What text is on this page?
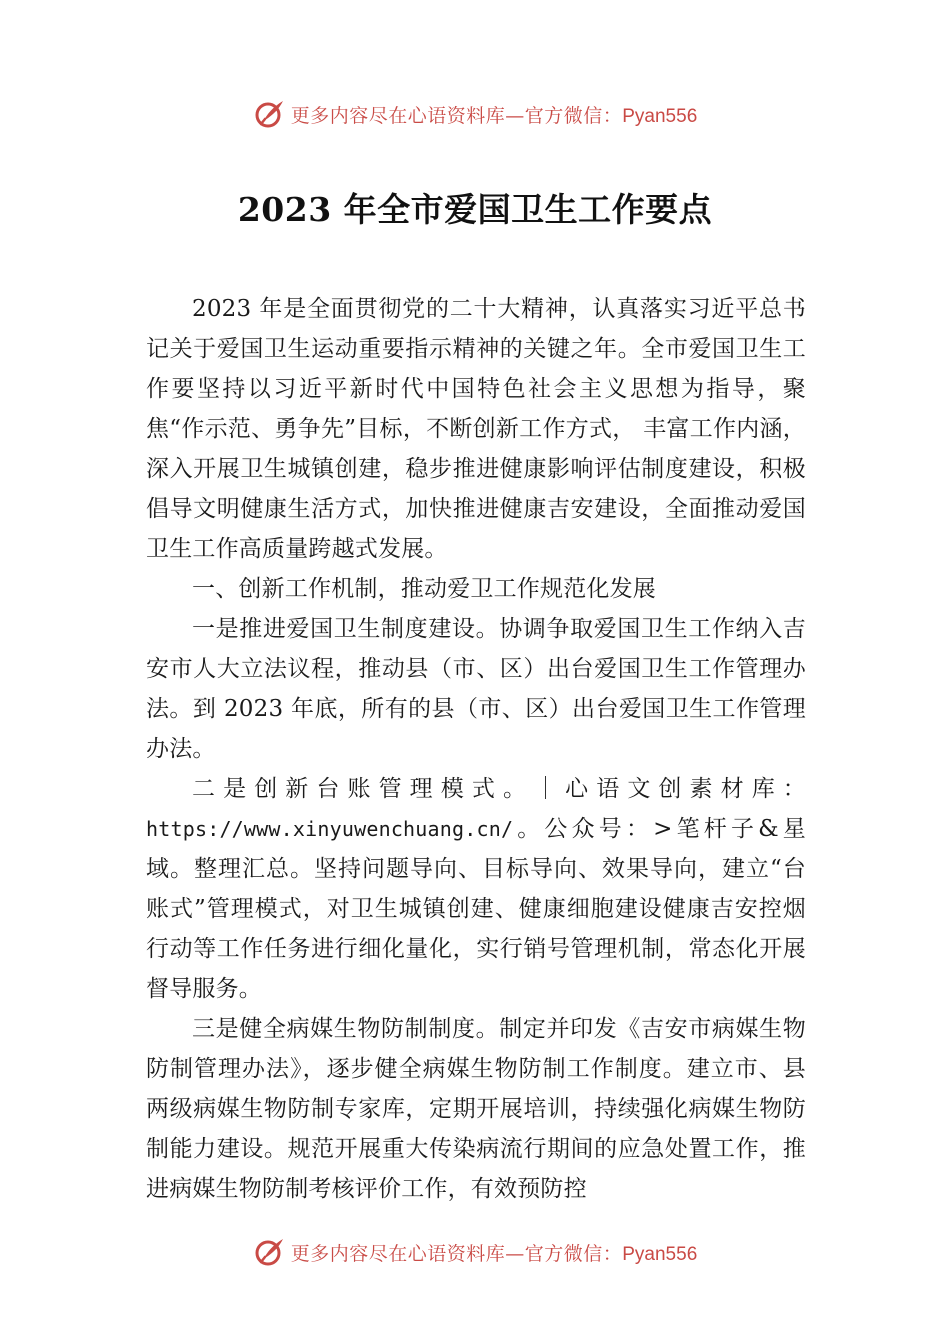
更多内容尽在心语资料库—官方微信：Pyan556
2023 年全市爱国卫生工作要点

2023 年是全面贯彻党的二十大精神，认真落实习近平总书记关于爱国卫生运动重要指示精神的关键之年。全市爱国卫生工作要坚持以习近平新时代中国特色社会主义思想为指导，聚焦“作示范、勇争先”目标，不断创新工作方式， 丰富工作内涵，深入开展卫生城镇创建，稳步推进健康影响评估制度建设，积极倡导文明健康生活方式，加快推进健康吉安建设，全面推动爱国卫生工作高质量跨越式发展。

一、创新工作机制，推动爱卫工作规范化发展

一是推进爱国卫生制度建设。协调争取爱国卫生工作纳入吉安市人大立法议程，推动县（市、区）出台爱国卫生工作管理办法。到 2023 年底，所有的县（市、区）出台爱国卫生工作管理办法。

二是创新台账管理模式。｜心语文创素材库：https://www.xinyuwenchuang.cn/。公众号：>笔杆子&星域。整理汇总。坚持问题导向、目标导向、效果导向，建立“台账式”管理模式，对卫生城镇创建、健康细胞建设健康吉安控烟行动等工作任务进行细化量化，实行销号管理机制，常态化开展督导服务。

三是健全病媒生物防制制度。制定并印发《吉安市病媒生物防制管理办法》，逐步健全病媒生物防制工作制度。建立市、县两级病媒生物防制专家库，定期开展培训，持续强化病媒生物防制能力建设。规范开展重大传染病流行期间的应急处置工作，推进病媒生物防制考核评价工作，有效预防控

更多内容尽在心语资料库—官方微信：Pyan556
